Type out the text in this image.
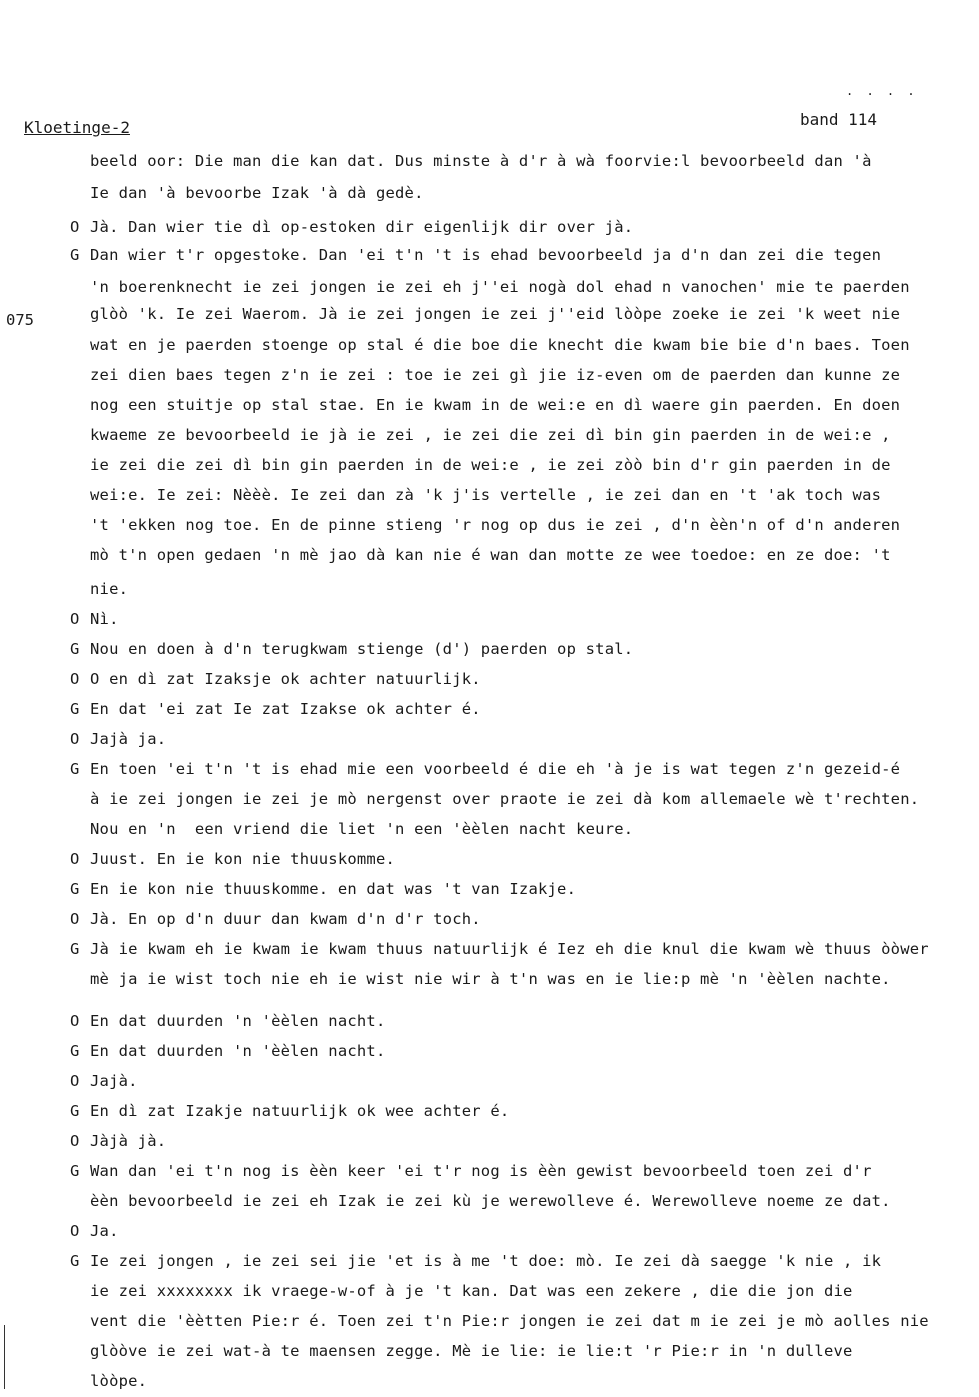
. . . .
Kloetinge-2	band 114
075
beeld oor: Die man die kan dat. Dus minste à d'r à wà foorvie:l bevoorbeeld dan 'à
Ie dan 'à bevoorbe Izak 'à dà gedè.
O Jà. Dan wier tie dì op-estoken dir eigenlijk dir over jà.
G Dan wier t'r opgestoke. Dan 'ei t'n 't is ehad bevoorbeeld ja d'n dan zei die tegen
'n boerenknecht ie zei jongen ie zei eh j''ei nogà dol ehad n vanochen' mie te paerden
glòò 'k. Ie zei Waerom. Jà ie zei jongen ie zei j''eid lòòpe zoeke ie zei 'k weet nie
wat en je paerden stoenge op stal é die boe die knecht die kwam bie bie d'n baes. Toen
zei dien baes tegen z'n ie zei : toe ie zei gì jie iz-even om de paerden dan kunne ze
nog een stuitje op stal stae. En ie kwam in de wei:e en dì waere gin paerden. En doen
kwaeme ze bevoorbeeld ie jà ie zei , ie zei die zei dì bin gin paerden in de wei:e ,
ie zei die zei dì bin gin paerden in de wei:e , ie zei zòò bin d'r gin paerden in de
wei:e. Ie zei: Nèèè. Ie zei dan zà 'k j'is vertelle , ie zei dan en 't 'ak toch was
't 'ekken nog toe. En de pinne stieng 'r nog op dus ie zei , d'n èèn'n of d'n anderen
mò t'n open gedaen 'n mè jao dà kan nie é wan dan motte ze wee toedoe: en ze doe: 't
nie.
O Nì.
G Nou en doen à d'n terugkwam stienge (d') paerden op stal.
O O en dì zat Izaksje ok achter natuurlijk.
G En dat 'ei zat Ie zat Izakse ok achter é.
O Jajà ja.
G En toen 'ei t'n 't is ehad mie een voorbeeld é die eh 'à je is wat tegen z'n gezeid-é
à ie zei jongen ie zei je mò nergenst over praote ie zei dà kom allemaele wè t'rechten.
Nou en 'n  een vriend die liet 'n een 'èèlen nacht keure.
O Juust. En ie kon nie thuuskomme.
G En ie kon nie thuuskomme. en dat was 't van Izakje.
O Jà. En op d'n duur dan kwam d'n d'r toch.
G Jà ie kwam eh ie kwam ie kwam thuus natuurlijk é Iez eh die knul die kwam wè thuus òòwer
mè ja ie wist toch nie eh ie wist nie wir à t'n was en ie lie:p mè 'n 'èèlen nachte.
O En dat duurden 'n 'èèlen nacht.
G En dat duurden 'n 'èèlen nacht.
O Jajà.
G En dì zat Izakje natuurlijk ok wee achter é.
O Jàjà jà.
G Wan dan 'ei t'n nog is èèn keer 'ei t'r nog is èèn gewist bevoorbeeld toen zei d'r
èèn bevoorbeeld ie zei eh Izak ie zei kù je werewolleve é. Werewolleve noeme ze dat.
O Ja.
G Ie zei jongen , ie zei sei jie 'et is à me 't doe: mò. Ie zei dà saegge 'k nie , ik
ie zei xxxxxxxx ik vraege-w-of à je 't kan. Dat was een zekere , die die jon die
vent die 'èètten Pie:r é. Toen zei t'n Pie:r jongen ie zei dat m ie zei je mò aolles nie
glòòve ie zei wat-à te maensen zegge. Mè ie lie: ie lie:t 'r Pie:r in 'n dulleve
lòòpe.
